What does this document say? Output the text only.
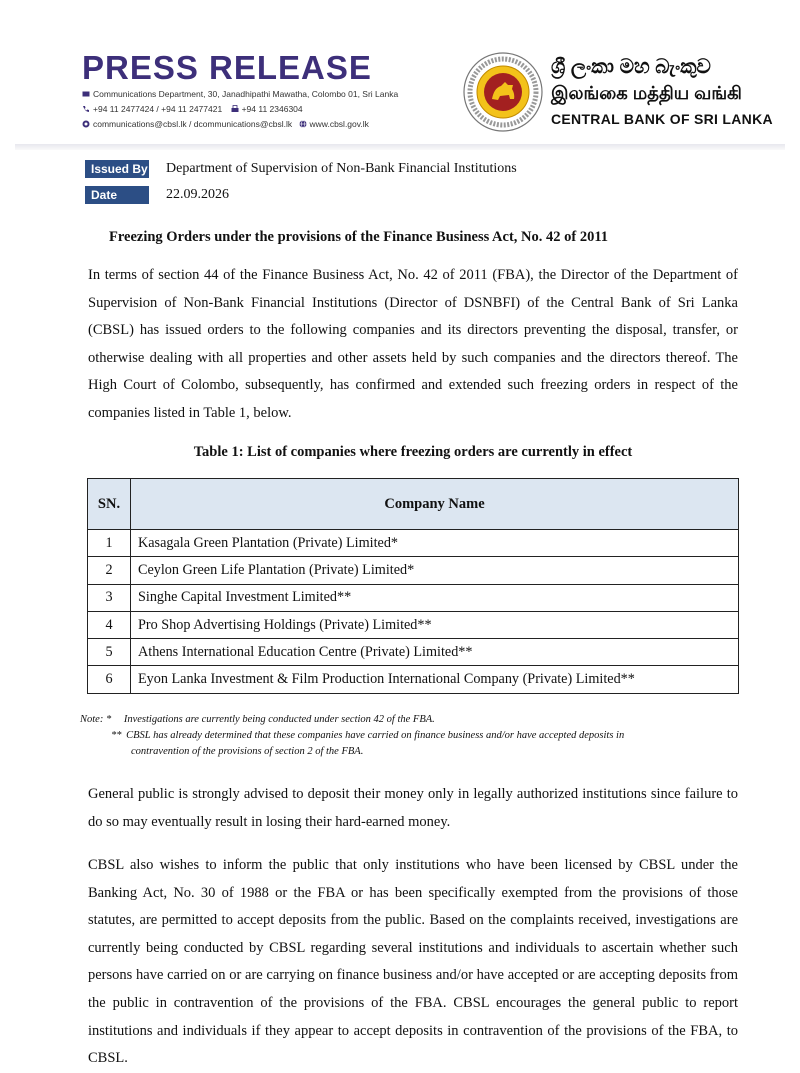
PRESS RELEASE
Communications Department, 30, Janadhipathi Mawatha, Colombo 01, Sri Lanka
+94 11 2477424 / +94 11 2477421 +94 11 2346304
communications@cbsl.lk / dcommunications@cbsl.lk www.cbsl.gov.lk
ශ්‍රී ලංකා මහ බැංකුව
இலங்கை மத்திய வங்கி
CENTRAL BANK OF SRI LANKA
Issued By Department of Supervision of Non-Bank Financial Institutions
Date	22.09.2026
Freezing Orders under the provisions of the Finance Business Act, No. 42 of 2011
In terms of section 44 of the Finance Business Act, No. 42 of 2011 (FBA), the Director of the Department of Supervision of Non-Bank Financial Institutions (Director of DSNBFI) of the Central Bank of Sri Lanka (CBSL) has issued orders to the following companies and its directors preventing the disposal, transfer, or otherwise dealing with all properties and other assets held by such companies and the directors thereof. The High Court of Colombo, subsequently, has confirmed and extended such freezing orders in respect of the companies listed in Table 1, below.
Table 1: List of companies where freezing orders are currently in effect
SN.	Company Name
1	Kasagala Green Plantation (Private) Limited*
2	Ceylon Green Life Plantation (Private) Limited*
3	Singhe Capital Investment Limited**
4	Pro Shop Advertising Holdings (Private) Limited**
5	Athens International Education Centre (Private) Limited**
6	Eyon Lanka Investment & Film Production International Company (Private) Limited**
Note: * Investigations are currently being conducted under section 42 of the FBA.
** CBSL has already determined that these companies have carried on finance business and/or have accepted deposits in
contravention of the provisions of section 2 of the FBA.
General public is strongly advised to deposit their money only in legally authorized institutions since failure to do so may eventually result in losing their hard-earned money.
CBSL also wishes to inform the public that only institutions who have been licensed by CBSL under the Banking Act, No. 30 of 1988 or the FBA or has been specifically exempted from the provisions of those statutes, are permitted to accept deposits from the public. Based on the complaints received, investigations are currently being conducted by CBSL regarding several institutions and individuals to ascertain whether such persons have carried on or are carrying on finance business and/or have accepted or are accepting deposits from the public in contravention of the provisions of the FBA. CBSL encourages the general public to report institutions and individuals if they appear to accept deposits in contravention of the provisions of the FBA, to CBSL.
